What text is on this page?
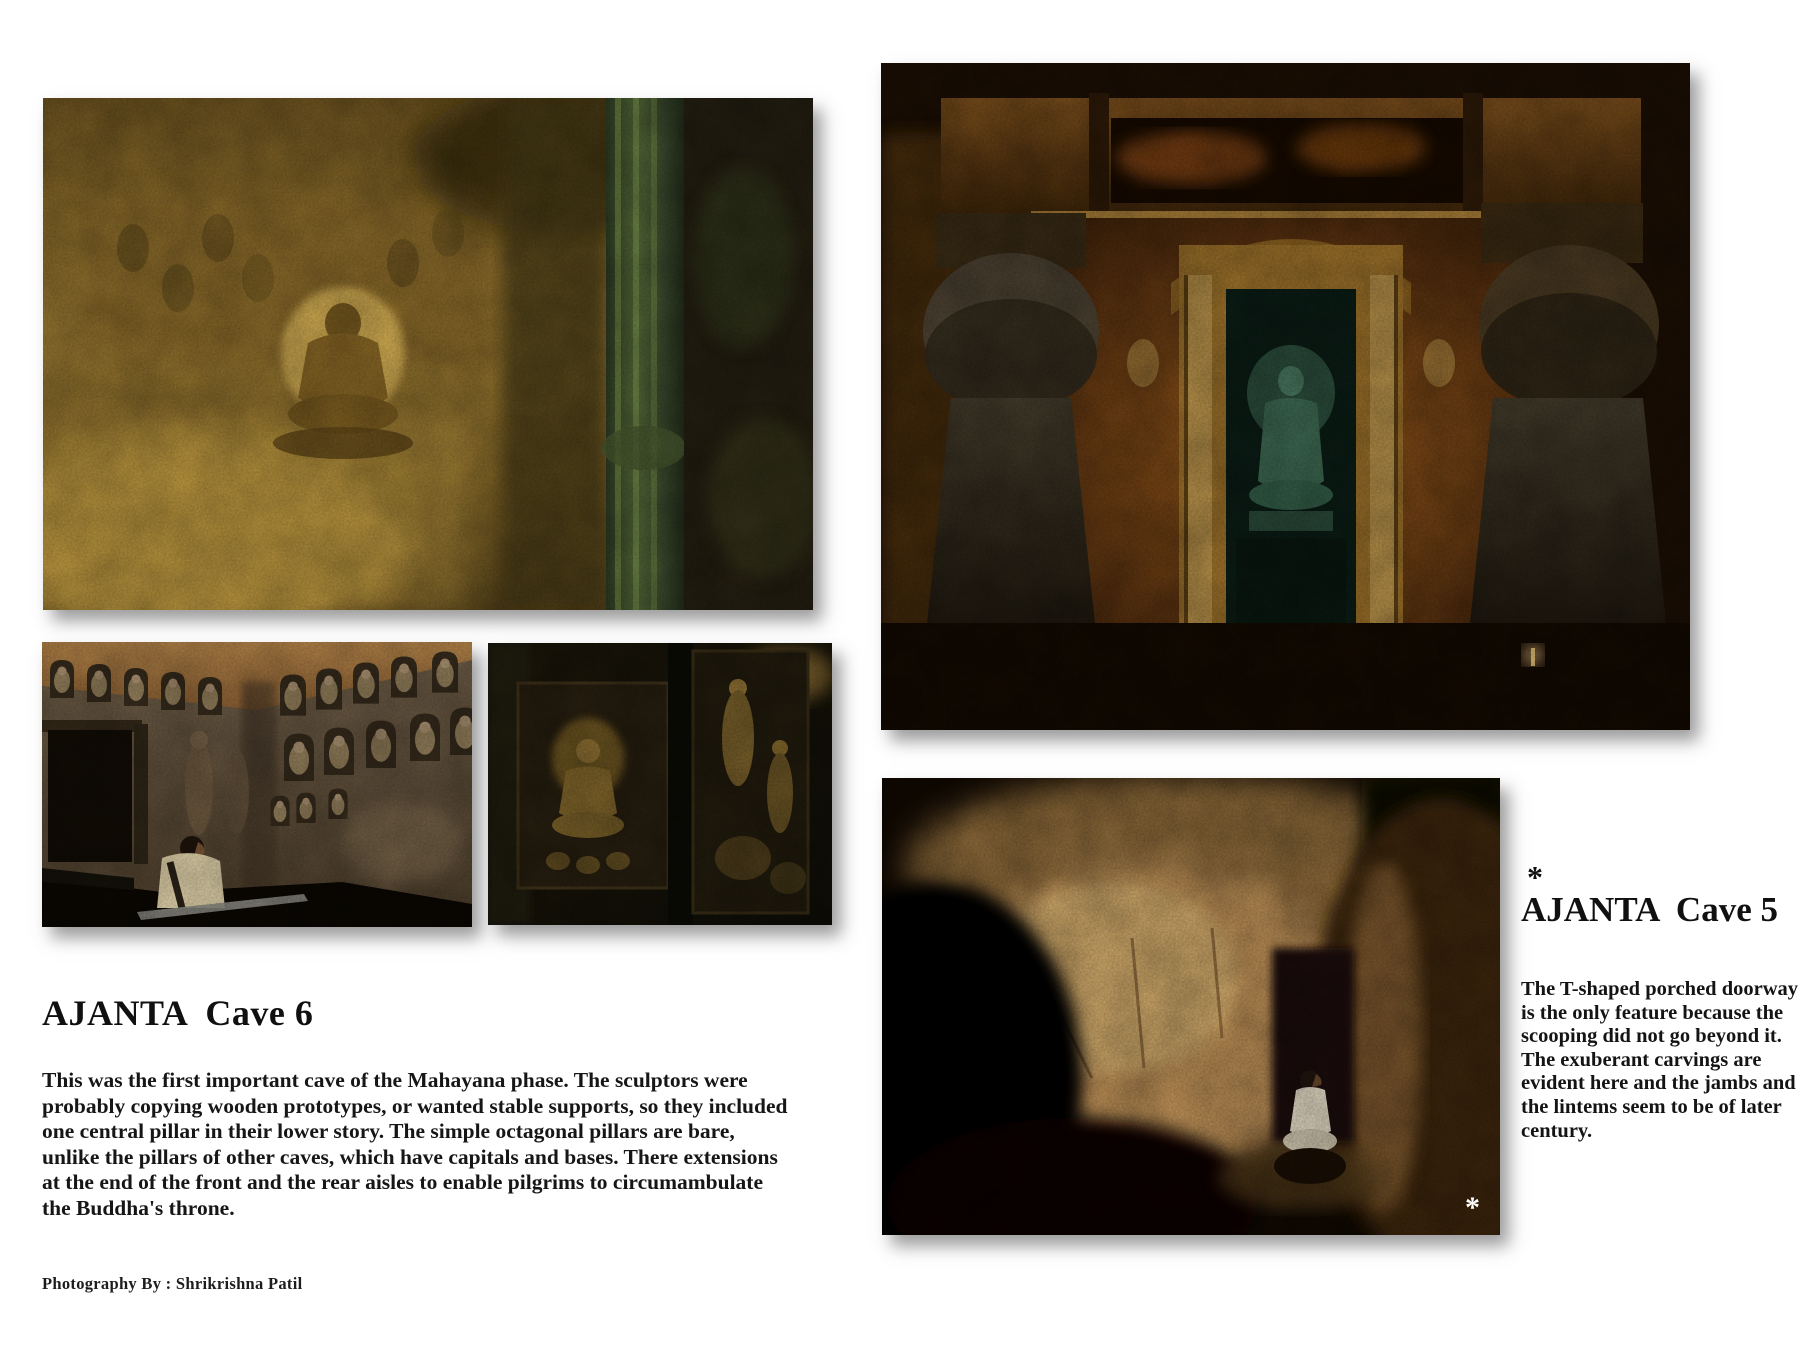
*
AJANTA  Cave 6
This was the first important cave of the Mahayana phase. The sculptors were probably copying wooden prototypes, or wanted stable supports, so they included one central pillar in their lower story. The simple octagonal pillars are bare, unlike the pillars of other caves, which have capitals and bases. There extensions at the end of the front and the rear aisles to enable pilgrims to circumambulate the Buddha's throne.
*
AJANTA  Cave 5
The T-shaped porched doorway is the only feature because the scooping did not go beyond it. The exuberant carvings are evident here and the jambs and the lintems seem to be of later century.
Photography By : Shrikrishna Patil
